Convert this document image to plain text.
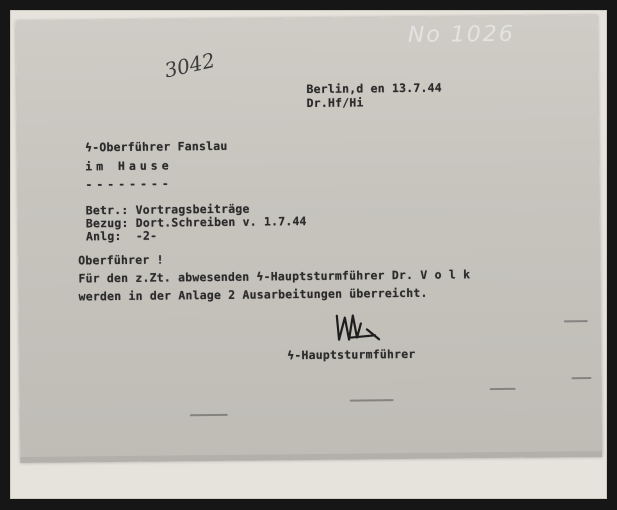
No 1026
3042
Berlin,d en 13.7.44
Dr.Hf/Hi
ϟ-Oberführer Fanslau
im Hause
--------
Betr.: Vortragsbeiträge
Bezug: Dort.Schreiben v. 1.7.44
Anlg:  -2-
Oberführer !
Für den z.Zt. abwesenden ϟ-Hauptsturmführer Dr. V o l k
werden in der Anlage 2 Ausarbeitungen überreicht.
ϟ-Hauptsturmführer
